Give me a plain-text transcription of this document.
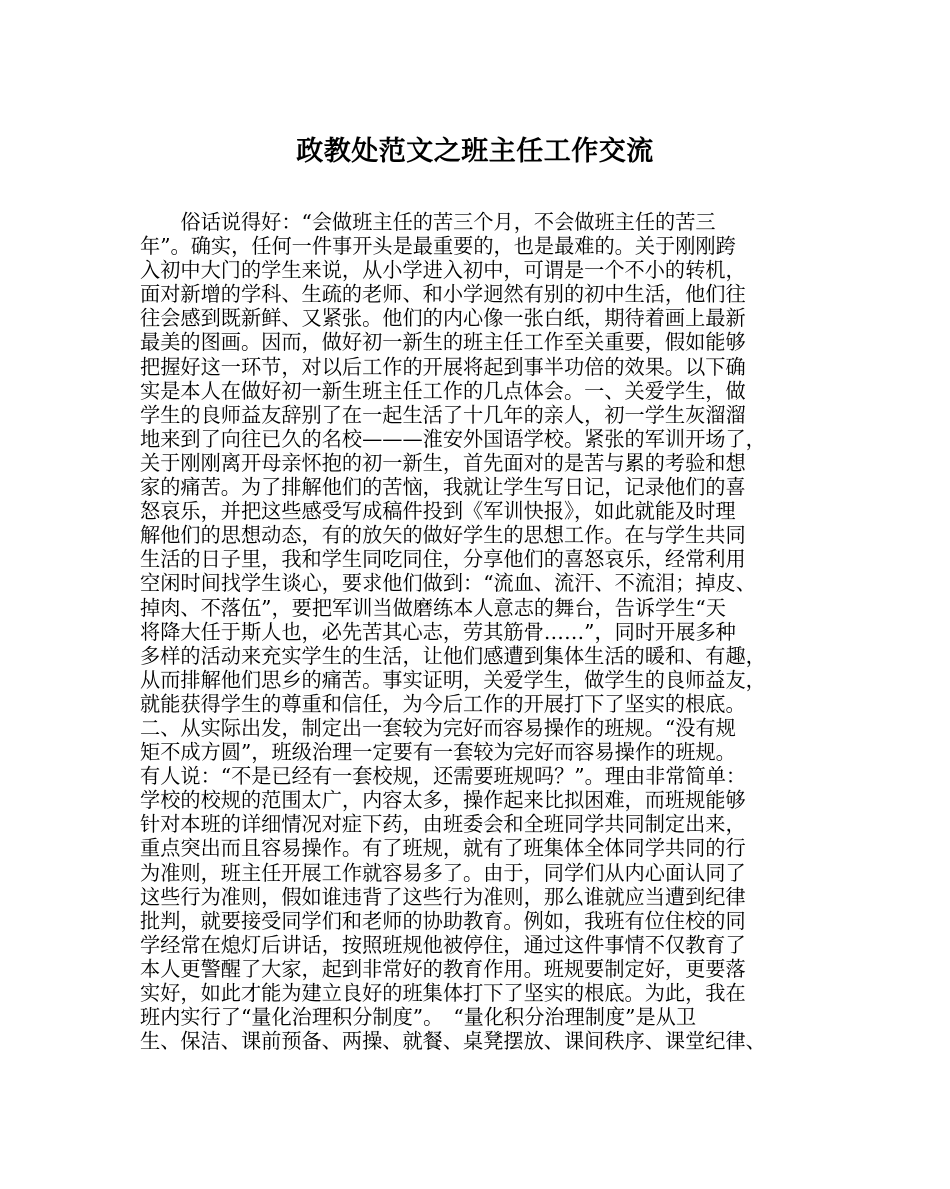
政教处范文之班主任工作交流
　　俗话说得好：“会做班主任的苦三个月，不会做班主任的苦三
年”。确实，任何一件事开头是最重要的，也是最难的。关于刚刚跨
入初中大门的学生来说，从小学进入初中，可谓是一个不小的转机，
面对新增的学科、生疏的老师、和小学迥然有别的初中生活，他们往
往会感到既新鲜、又紧张。他们的内心像一张白纸，期待着画上最新
最美的图画。因而，做好初一新生的班主任工作至关重要，假如能够
把握好这一环节，对以后工作的开展将起到事半功倍的效果。以下确
实是本人在做好初一新生班主任工作的几点体会。一、关爱学生，做
学生的良师益友辞别了在一起生活了十几年的亲人，初一学生灰溜溜
地来到了向往已久的名校———淮安外国语学校。紧张的军训开场了，
关于刚刚离开母亲怀抱的初一新生，首先面对的是苦与累的考验和想
家的痛苦。为了排解他们的苦恼，我就让学生写日记，记录他们的喜
怒哀乐，并把这些感受写成稿件投到《军训快报》，如此就能及时理
解他们的思想动态，有的放矢的做好学生的思想工作。在与学生共同
生活的日子里，我和学生同吃同住，分享他们的喜怒哀乐，经常利用
空闲时间找学生谈心，要求他们做到：“流血、流汗、不流泪；掉皮、
掉肉、不落伍”，要把军训当做磨练本人意志的舞台，告诉学生“天
将降大任于斯人也，必先苦其心志，劳其筋骨……”，同时开展多种
多样的活动来充实学生的生活，让他们感遭到集体生活的暖和、有趣，
从而排解他们思乡的痛苦。事实证明，关爱学生，做学生的良师益友，
就能获得学生的尊重和信任，为今后工作的开展打下了坚实的根底。
二、从实际出发，制定出一套较为完好而容易操作的班规。“没有规
矩不成方圆”，班级治理一定要有一套较为完好而容易操作的班规。
有人说：“不是已经有一套校规，还需要班规吗？”。理由非常简单：
学校的校规的范围太广，内容太多，操作起来比拟困难，而班规能够
针对本班的详细情况对症下药，由班委会和全班同学共同制定出来，
重点突出而且容易操作。有了班规，就有了班集体全体同学共同的行
为准则，班主任开展工作就容易多了。由于，同学们从内心面认同了
这些行为准则，假如谁违背了这些行为准则，那么谁就应当遭到纪律
批判，就要接受同学们和老师的协助教育。例如，我班有位住校的同
学经常在熄灯后讲话，按照班规他被停住，通过这件事情不仅教育了
本人更警醒了大家，起到非常好的教育作用。班规要制定好，更要落
实好，如此才能为建立良好的班集体打下了坚实的根底。为此，我在
班内实行了“量化治理积分制度”。　“量化积分治理制度”是从卫
生、保洁、课前预备、两操、就餐、桌凳摆放、课间秩序、课堂纪律、
